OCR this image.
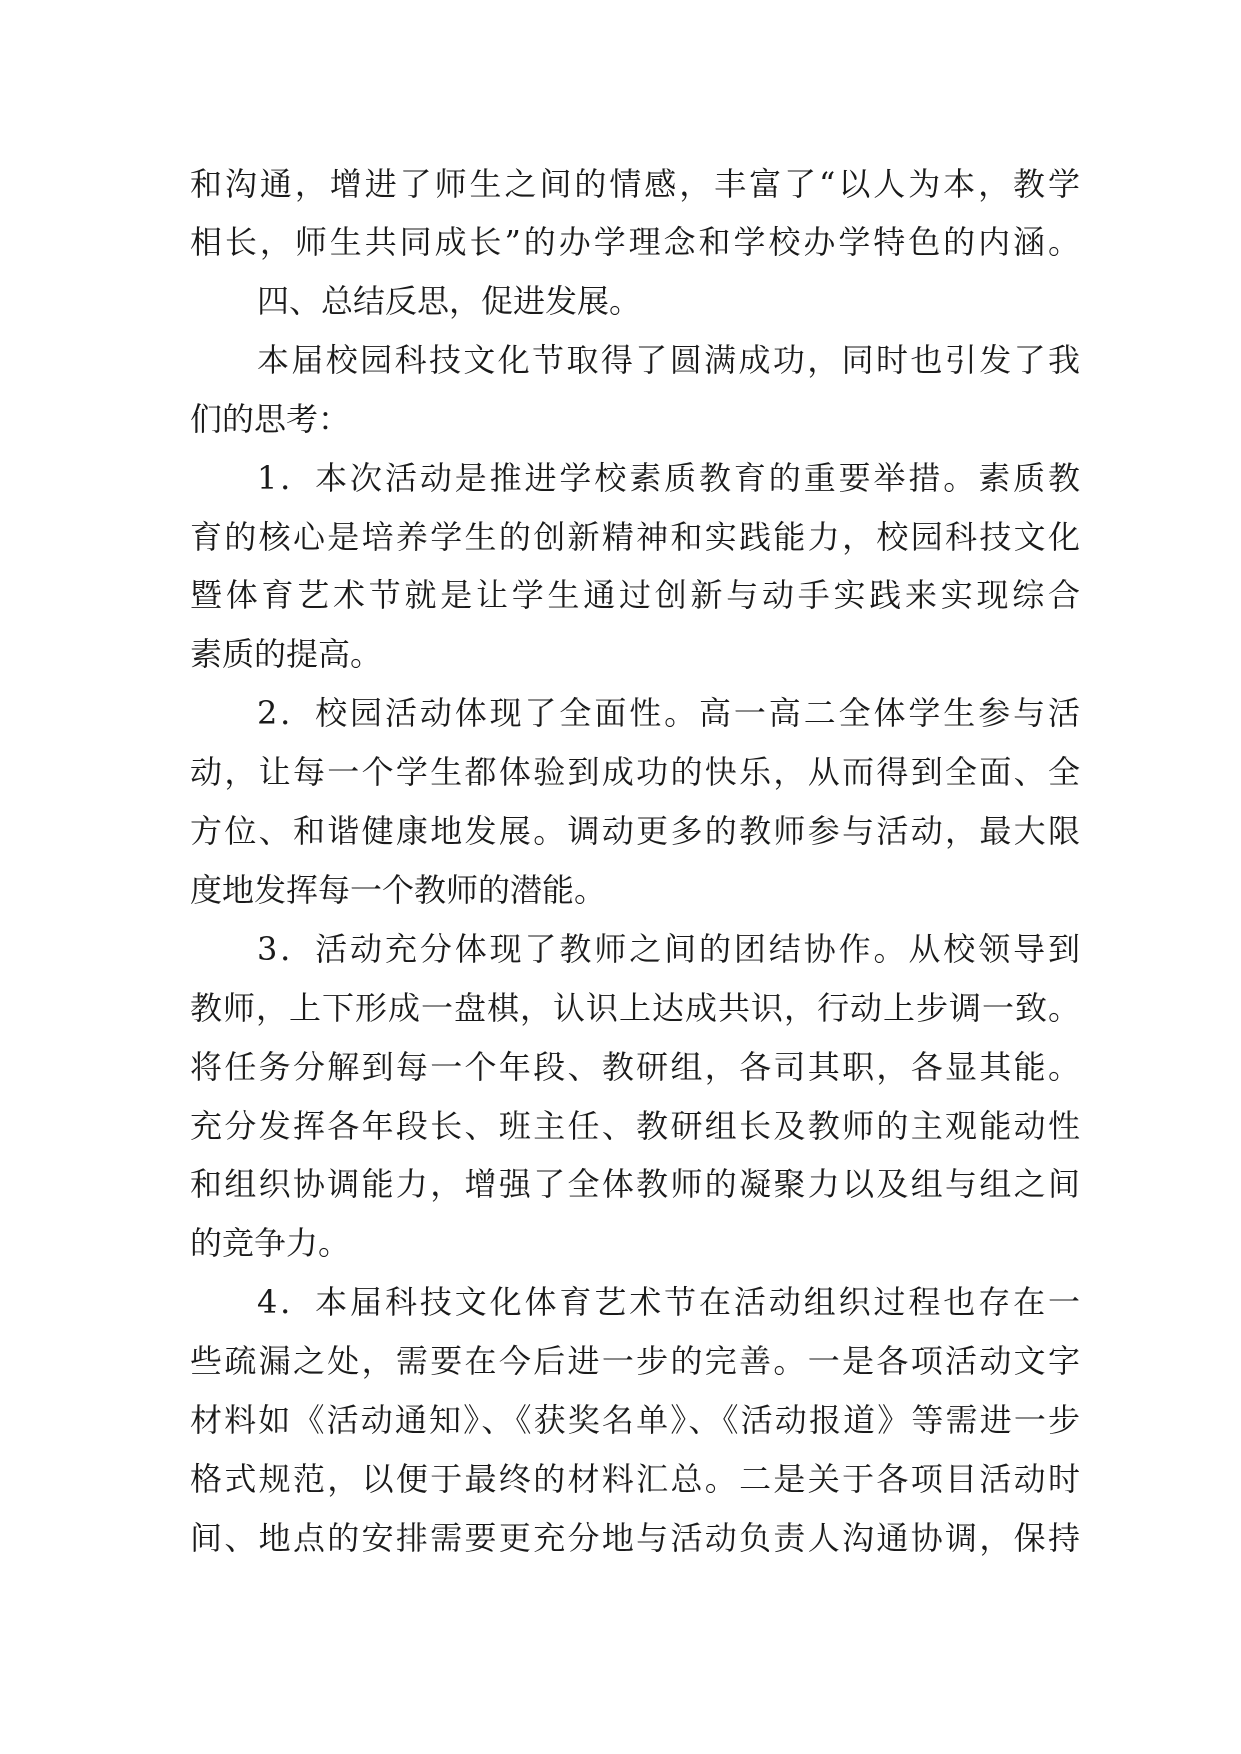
和沟通，增进了师生之间的情感，丰富了“以人为本，教学
相长，师生共同成长”的办学理念和学校办学特色的内涵。
四、总结反思，促进发展。
本届校园科技文化节取得了圆满成功，同时也引发了我
们的思考：
1．本次活动是推进学校素质教育的重要举措。素质教
育的核心是培养学生的创新精神和实践能力，校园科技文化
暨体育艺术节就是让学生通过创新与动手实践来实现综合
素质的提高。
2．校园活动体现了全面性。高一高二全体学生参与活
动，让每一个学生都体验到成功的快乐，从而得到全面、全
方位、和谐健康地发展。调动更多的教师参与活动，最大限
度地发挥每一个教师的潜能。
3．活动充分体现了教师之间的团结协作。从校领导到
教师，上下形成一盘棋，认识上达成共识，行动上步调一致。
将任务分解到每一个年段、教研组，各司其职，各显其能。
充分发挥各年段长、班主任、教研组长及教师的主观能动性
和组织协调能力，增强了全体教师的凝聚力以及组与组之间
的竞争力。
4．本届科技文化体育艺术节在活动组织过程也存在一
些疏漏之处，需要在今后进一步的完善。一是各项活动文字
材料如《活动通知》、《获奖名单》、《活动报道》等需进一步
格式规范，以便于最终的材料汇总。二是关于各项目活动时
间、地点的安排需要更充分地与活动负责人沟通协调，保持
